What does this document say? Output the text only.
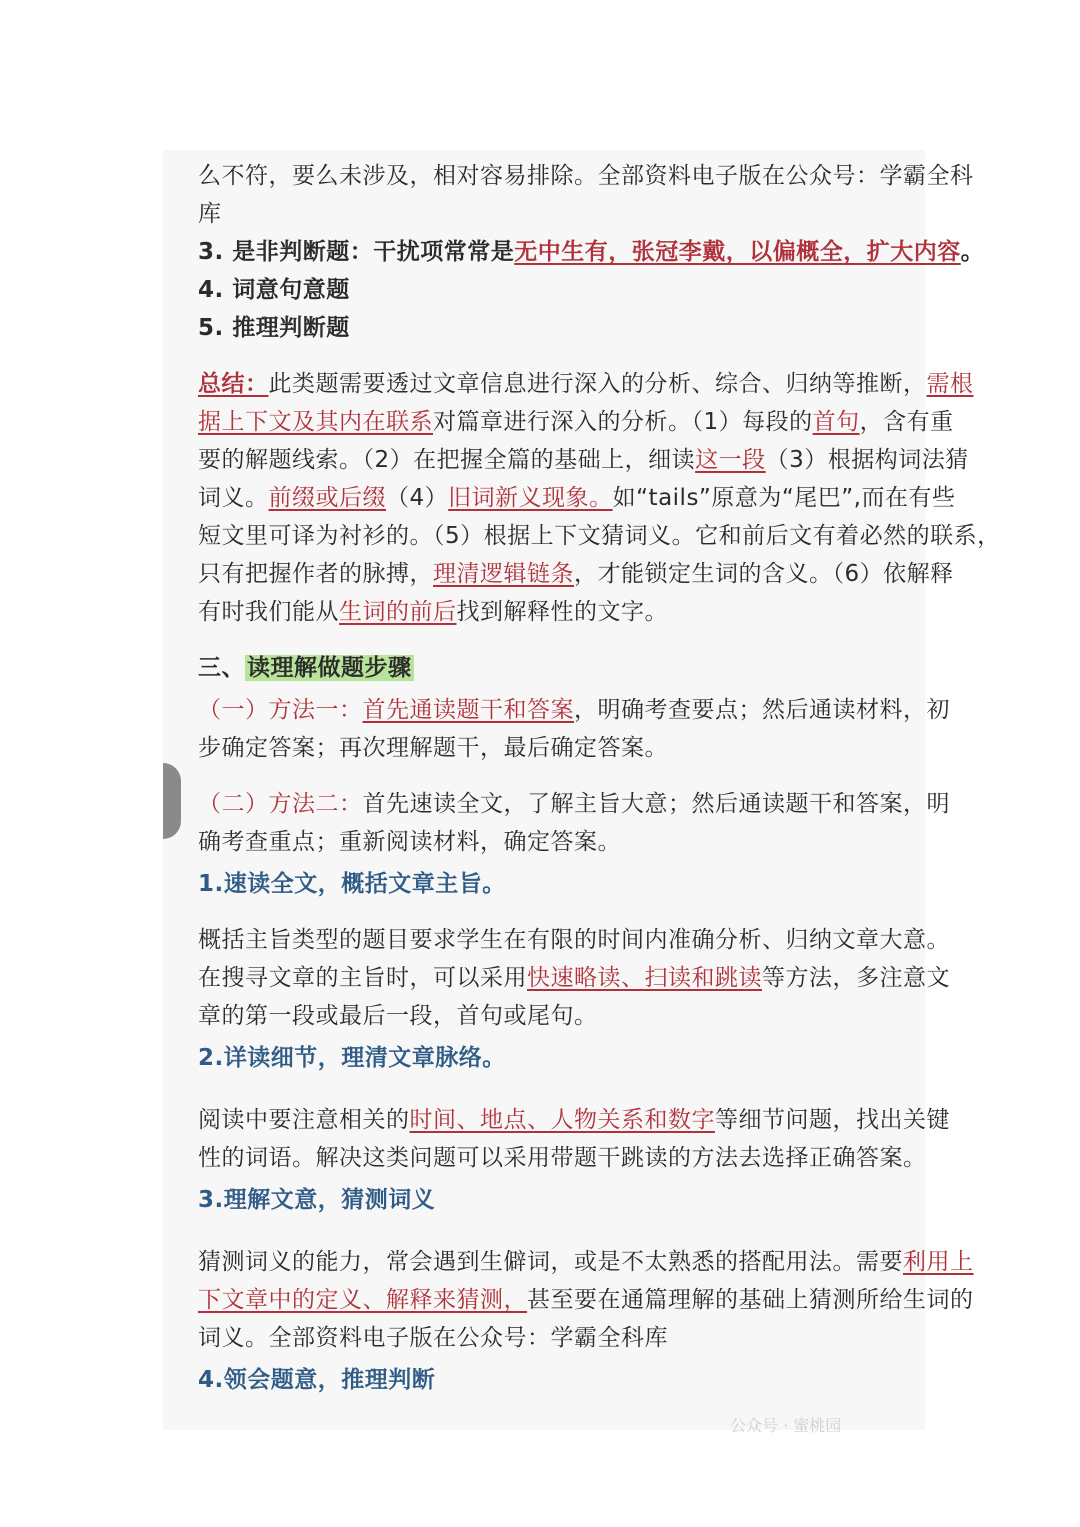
么不符，要么未涉及，相对容易排除。全部资料电子版在公众号：学霸全科
库
3. 是非判断题：干扰项常常是无中生有，张冠李戴，以偏概全，扩大内容。
4. 词意句意题
5. 推理判断题
总结：此类题需要透过文章信息进行深入的分析、综合、归纳等推断，需根
据上下文及其内在联系对篇章进行深入的分析。（1）每段的首句，含有重
要的解题线索。（2）在把握全篇的基础上，细读这一段（3）根据构词法猜
词义。前缀或后缀（4）旧词新义现象。如“tails”原意为“尾巴”,而在有些
短文里可译为衬衫的。（5）根据上下文猜词义。它和前后文有着必然的联系，
只有把握作者的脉搏，理清逻辑链条，才能锁定生词的含义。（6）依解释
有时我们能从生词的前后找到解释性的文字。
三、读理解做题步骤
（一）方法一：首先通读题干和答案，明确考查要点；然后通读材料，初
步确定答案；再次理解题干，最后确定答案。
（二）方法二：首先速读全文，了解主旨大意；然后通读题干和答案，明
确考查重点；重新阅读材料，确定答案。
1.速读全文，概括文章主旨。
概括主旨类型的题目要求学生在有限的时间内准确分析、归纳文章大意。
在搜寻文章的主旨时，可以采用快速略读、扫读和跳读等方法，多注意文
章的第一段或最后一段，首句或尾句。
2.详读细节，理清文章脉络。
阅读中要注意相关的时间、地点、人物关系和数字等细节问题，找出关键
性的词语。解决这类问题可以采用带题干跳读的方法去选择正确答案。
3.理解文意，猜测词义
猜测词义的能力，常会遇到生僻词，或是不太熟悉的搭配用法。需要利用上
下文章中的定义、解释来猜测，甚至要在通篇理解的基础上猜测所给生词的
词义。全部资料电子版在公众号：学霸全科库
4.领会题意，推理判断
公众号 · 蜜桃园
